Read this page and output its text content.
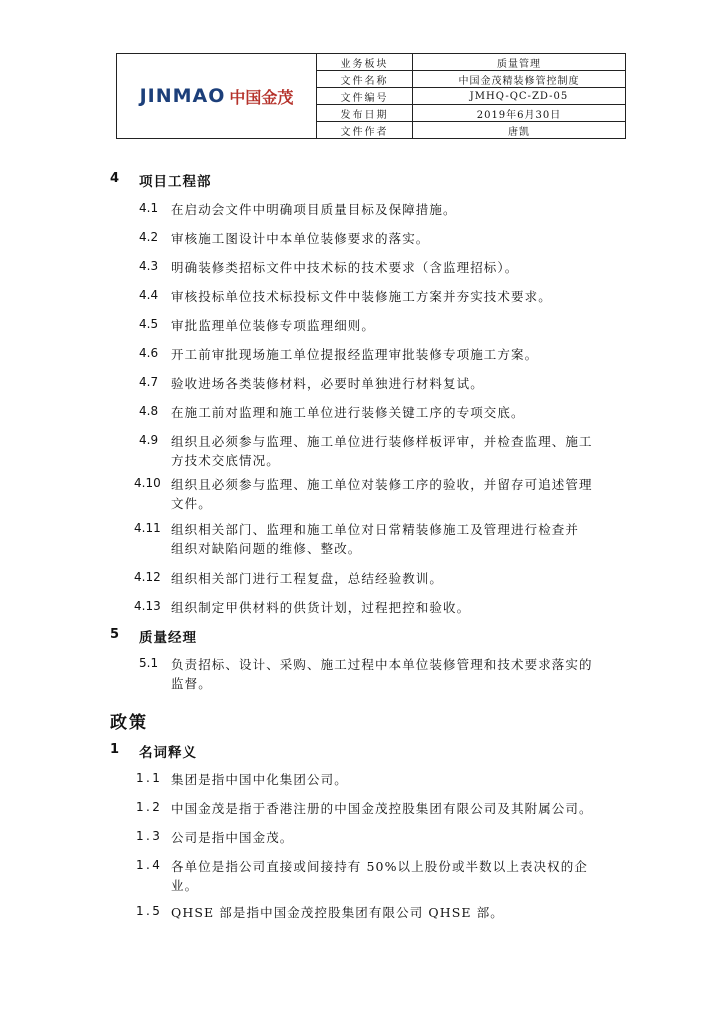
JINMAO 中国金茂
业务板块	质量管理
文件名称	中国金茂精装修管控制度
文件编号	JMHQ-QC-ZD-05
发布日期	2019年6月30日
文件作者	唐凯
4 项目工程部
4.1 在启动会文件中明确项目质量目标及保障措施。
4.2 审核施工图设计中本单位装修要求的落实。
4.3 明确装修类招标文件中技术标的技术要求（含监理招标）。
4.4 审核投标单位技术标投标文件中装修施工方案并夯实技术要求。
4.5 审批监理单位装修专项监理细则。
4.6 开工前审批现场施工单位提报经监理审批装修专项施工方案。
4.7 验收进场各类装修材料，必要时单独进行材料复试。
4.8 在施工前对监理和施工单位进行装修关键工序的专项交底。
4.9 组织且必须参与监理、施工单位进行装修样板评审，并检查监理、施工
方技术交底情况。
4.10 组织且必须参与监理、施工单位对装修工序的验收，并留存可追述管理
文件。
4.11 组织相关部门、监理和施工单位对日常精装修施工及管理进行检查并
组织对缺陷问题的维修、整改。
4.12 组织相关部门进行工程复盘，总结经验教训。
4.13 组织制定甲供材料的供货计划，过程把控和验收。
5 质量经理
5.1 负责招标、设计、采购、施工过程中本单位装修管理和技术要求落实的
监督。
政策
1 名词释义
1.1 集团是指中国中化集团公司。
1.2 中国金茂是指于香港注册的中国金茂控股集团有限公司及其附属公司。
1.3 公司是指中国金茂。
1.4 各单位是指公司直接或间接持有 50%以上股份或半数以上表决权的企
业。
1.5 QHSE 部是指中国金茂控股集团有限公司 QHSE 部。
